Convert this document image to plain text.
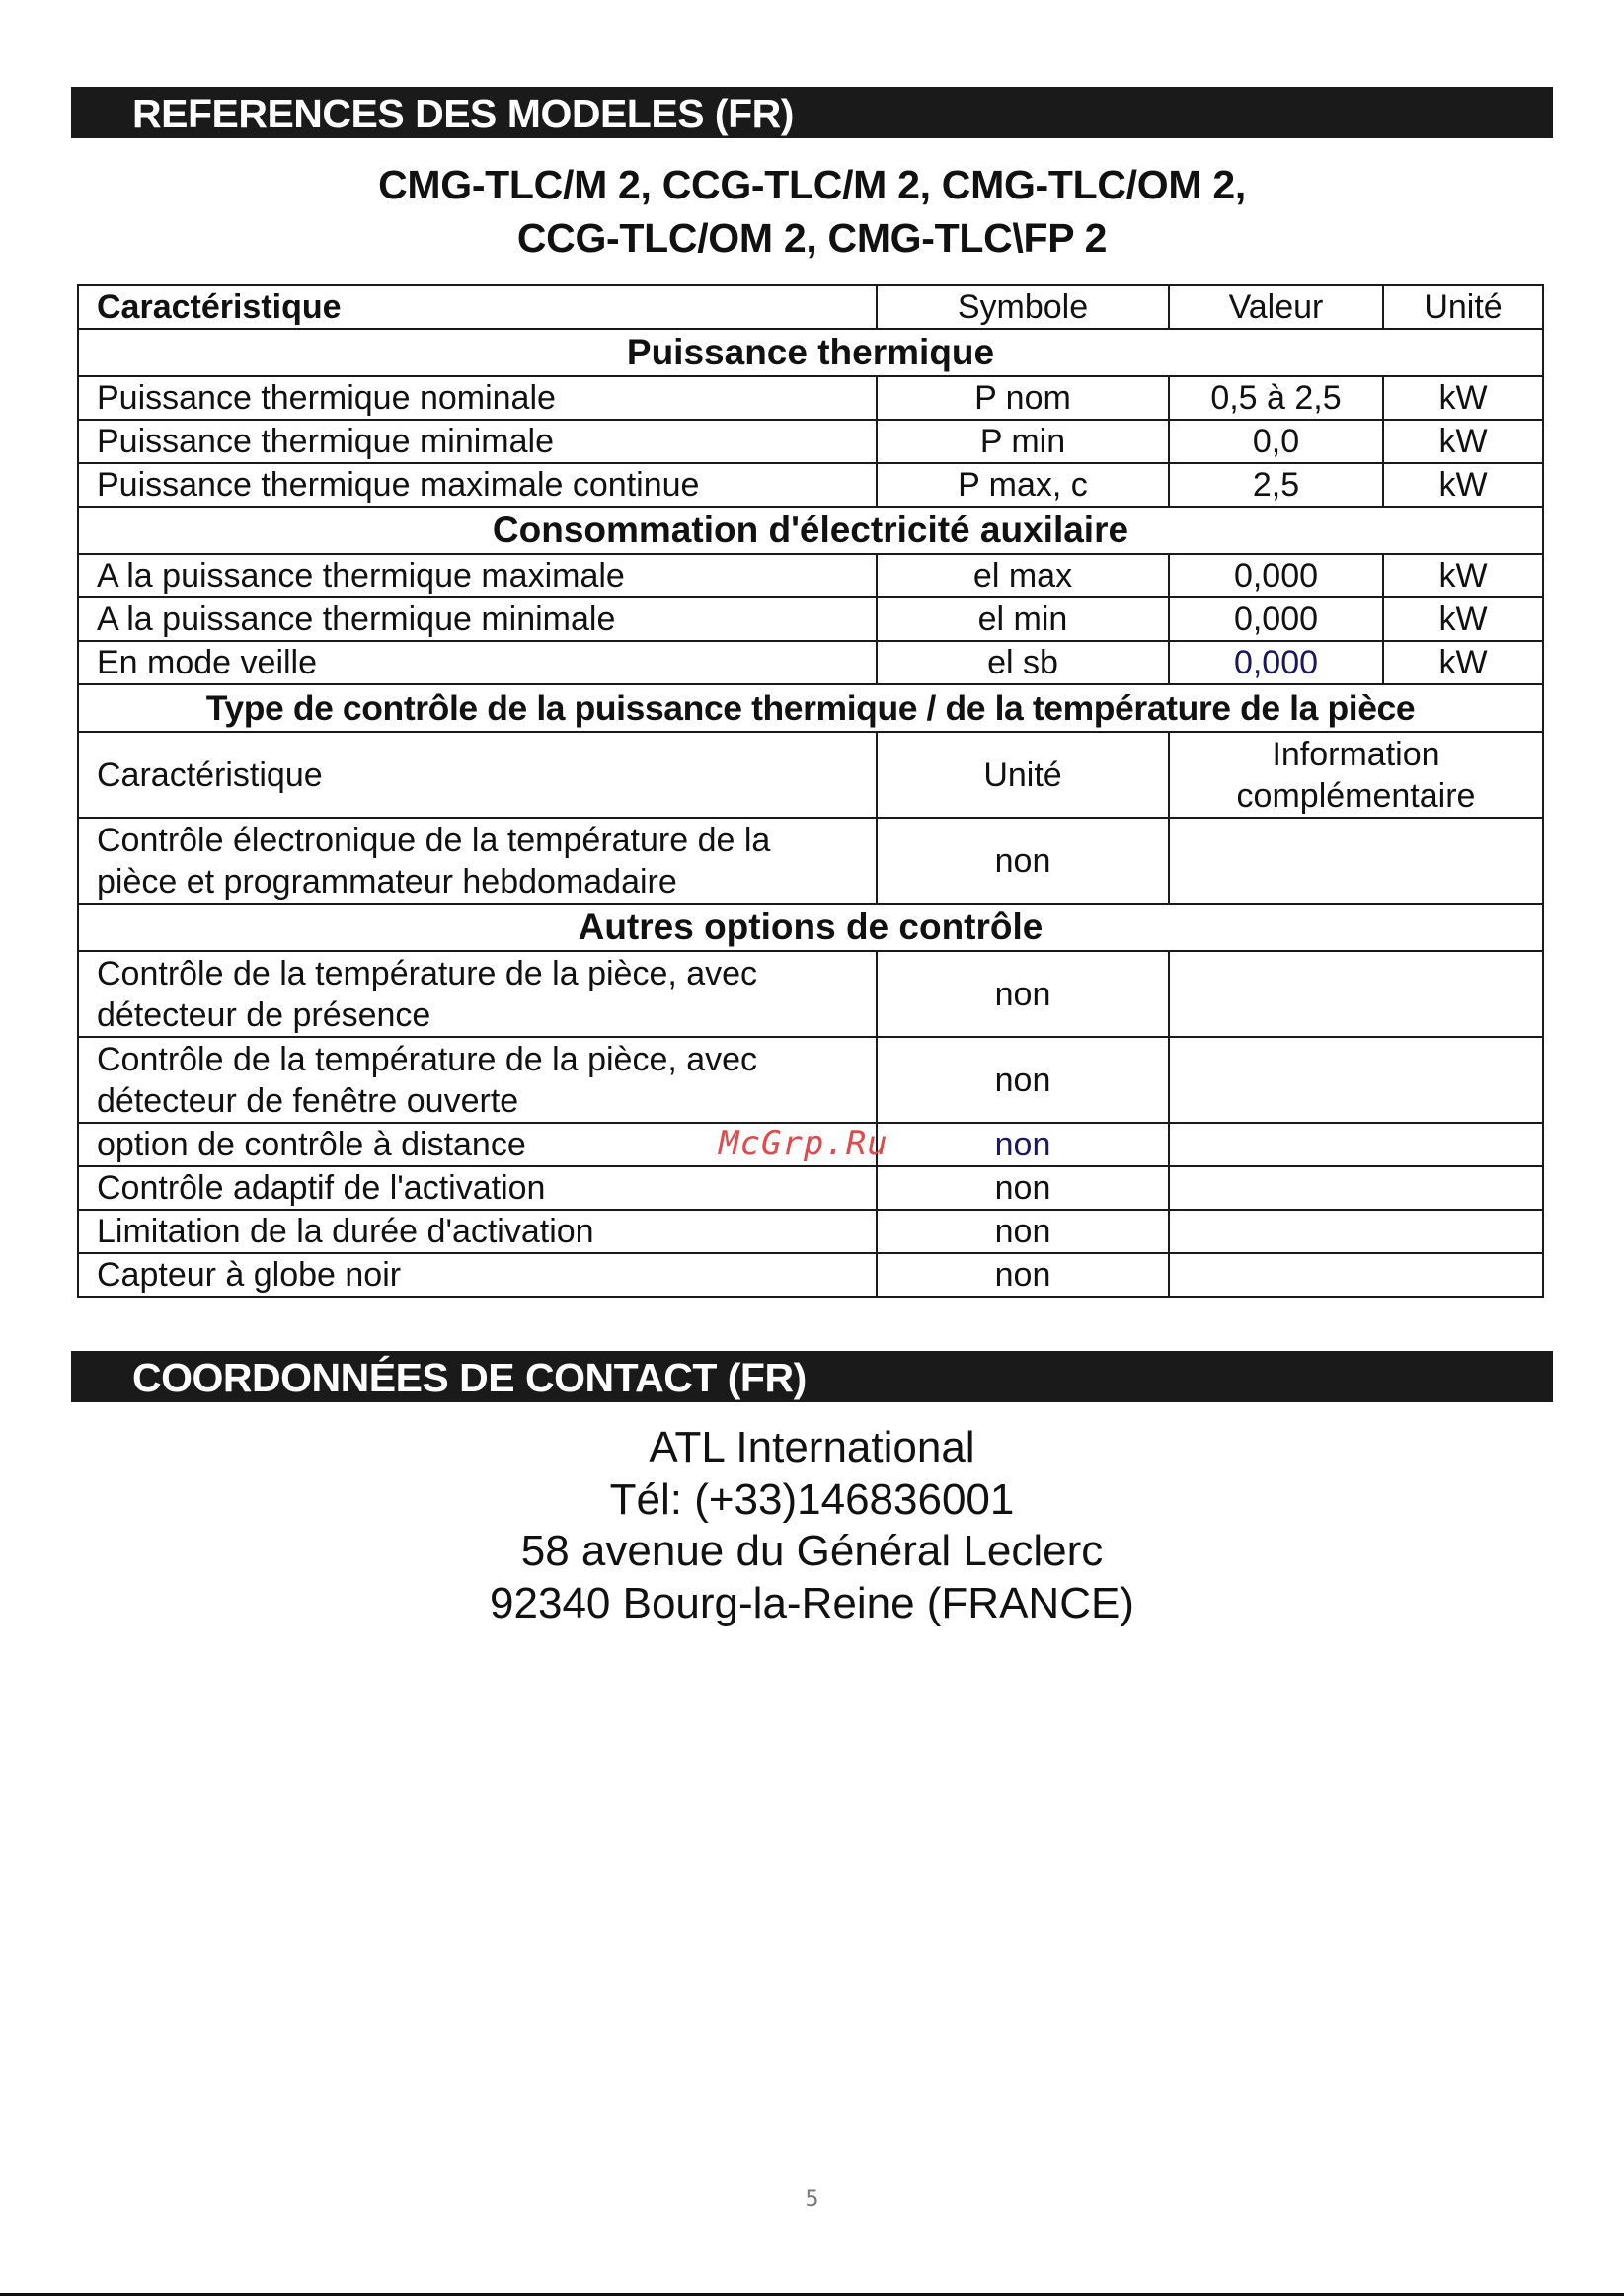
REFERENCES DES MODELES (FR)
CMG-TLC/M 2, CCG-TLC/M 2, CMG-TLC/OM 2,
CCG-TLC/OM 2, CMG-TLC\FP 2
Caractéristique	Symbole	Valeur	Unité
Puissance thermique			
Puissance thermique nominale	P nom	0,5 à 2,5	kW
Puissance thermique minimale	P min	0,0	kW
Puissance thermique maximale continue	P max, c	2,5	kW
Consommation d'électricité auxilaire			
A la puissance thermique maximale	el max	0,000	kW
A la puissance thermique minimale	el min	0,000	kW
En mode veille	el sb	0,000	kW
Type de contrôle de la puissance thermique / de la température de la pièce			
Caractéristique	Unité	Information
complémentaire	

Contrôle électronique de la température de la
pièce et programmateur hebdomadaire	non		
Autres options de contrôle			

Contrôle de la température de la pièce, avec
détecteur de présence	non		

Contrôle de la température de la pièce, avec
détecteur de fenêtre ouverte	non		
option de contrôle à distance	non		
Contrôle adaptif de l'activation	non		
Limitation de la durée d'activation	non		
Capteur à globe noir	non		
McGrp.Ru
COORDONNÉES DE CONTACT (FR)
ATL International
Tél: (+33)146836001
58 avenue du Général Leclerc
92340 Bourg-la-Reine (FRANCE)
5
